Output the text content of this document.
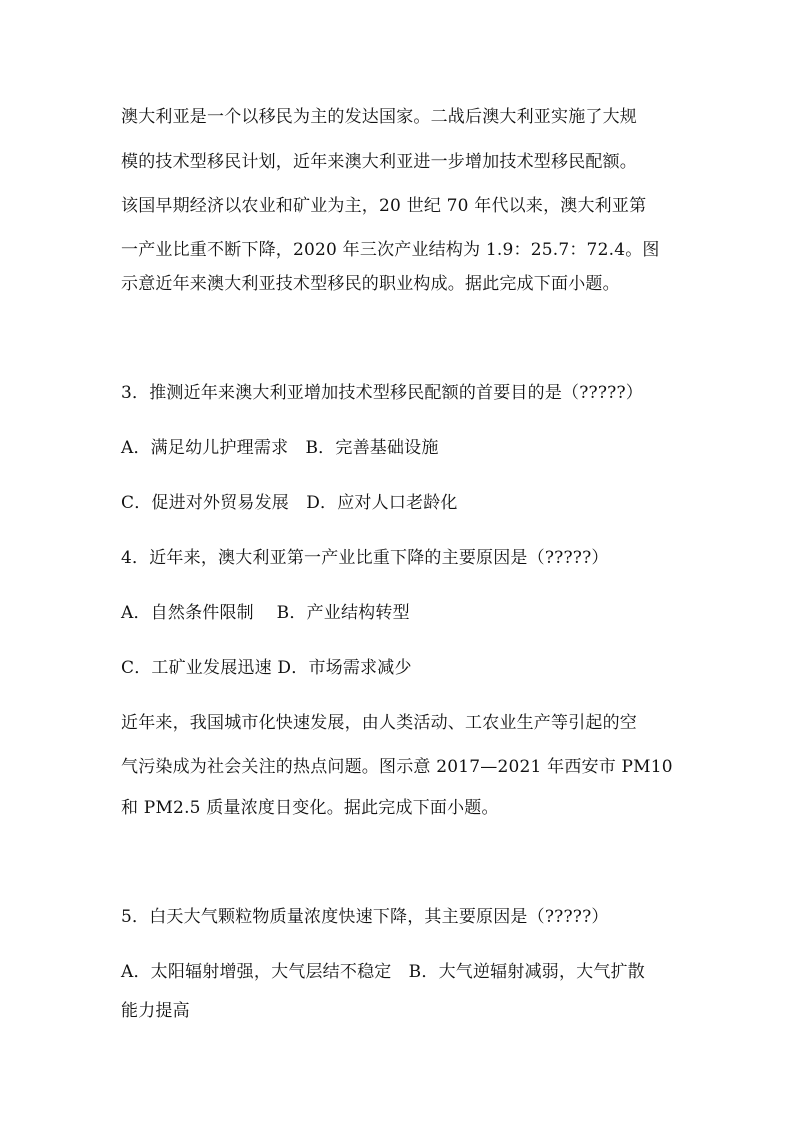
澳大利亚是一个以移民为主的发达国家。二战后澳大利亚实施了大规
模的技术型移民计划，近年来澳大利亚进一步增加技术型移民配额。
该国早期经济以农业和矿业为主，20 世纪 70 年代以来，澳大利亚第
一产业比重不断下降，2020 年三次产业结构为 1.9：25.7：72.4。图
示意近年来澳大利亚技术型移民的职业构成。据此完成下面小题。
3．推测近年来澳大利亚增加技术型移民配额的首要目的是（?????）
A．满足幼儿护理需求　B．完善基础设施
C．促进对外贸易发展　D．应对人口老龄化
4．近年来，澳大利亚第一产业比重下降的主要原因是（?????）
A．自然条件限制　 B．产业结构转型
C．工矿业发展迅速 D．市场需求减少
近年来，我国城市化快速发展，由人类活动、工农业生产等引起的空
气污染成为社会关注的热点问题。图示意 2017—2021 年西安市 PM10
和 PM2.5 质量浓度日变化。据此完成下面小题。
5．白天大气颗粒物质量浓度快速下降，其主要原因是（?????）
A．太阳辐射增强，大气层结不稳定　B．大气逆辐射减弱，大气扩散
能力提高
